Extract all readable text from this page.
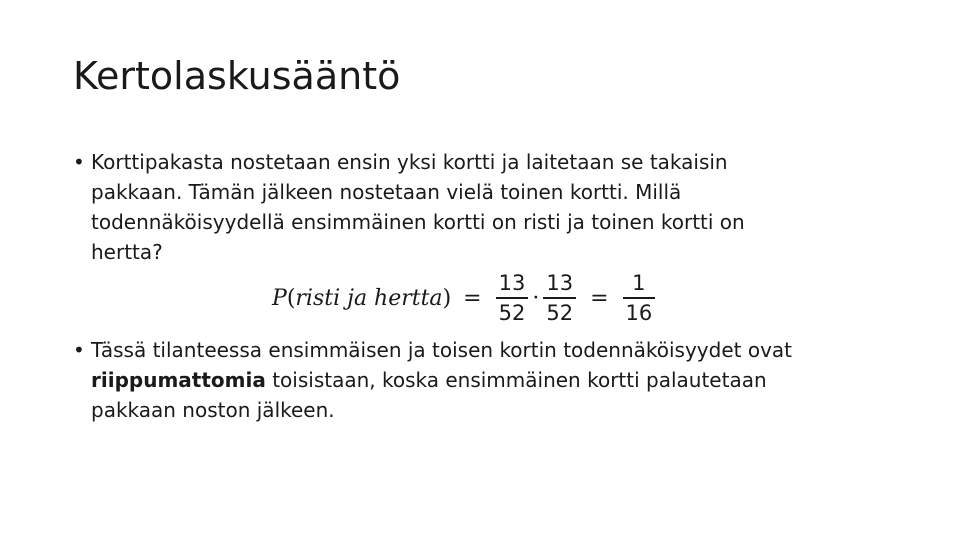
Kertolaskusääntö
• Korttipakasta nostetaan ensin yksi kortti ja laitetaan se takaisin
pakkaan. Tämän jälkeen nostetaan vielä toinen kortti. Millä
todennäköisyydellä ensimmäinen kortti on risti ja toinen kortti on
hertta?
P(risti ja hertta) = $\frac{13}{52} \cdot \frac{13}{52} = \frac{1}{16}$
• Tässä tilanteessa ensimmäisen ja toisen kortin todennäköisyydet ovat
riippumattomia toisistaan, koska ensimmäinen kortti palautetaan
pakkaan noston jälkeen.
